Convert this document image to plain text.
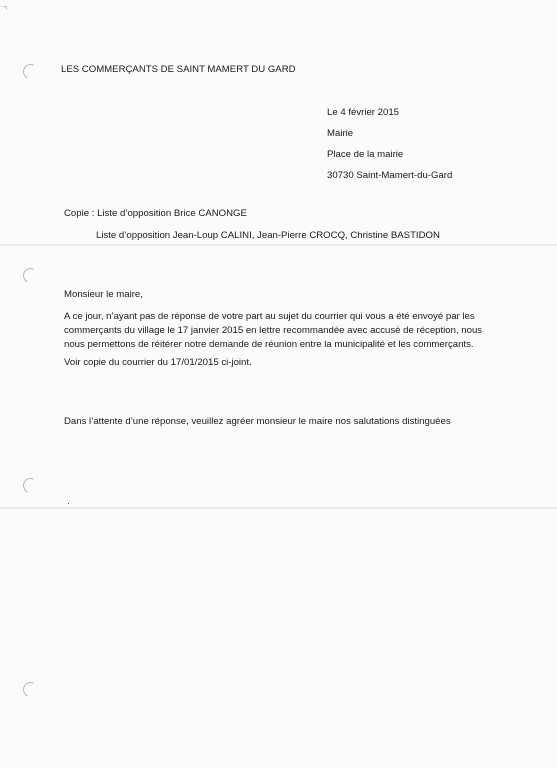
¬
LES COMMERÇANTS DE SAINT MAMERT DU GARD
Le 4 février 2015
Mairie
Place de la mairie
30730 Saint-Mamert-du-Gard
Copie : Liste d’opposition Brice CANONGE
Liste d’opposition Jean-Loup CALINI, Jean-Pierre CROCQ, Christine BASTIDON
Monsieur le maire,
A ce jour, n’ayant pas de réponse de votre part au sujet du courrier qui vous a été envoyé par les commerçants du village le 17 janvier 2015 en lettre recommandée avec accusé de réception, nous nous permettons de réitérer notre demande de réunion entre la municipalité et les commerçants.
Voir copie du courrier du 17/01/2015 ci-joint.
Dans l’attente d’une réponse, veuillez agréer monsieur le maire nos salutations distinguées
